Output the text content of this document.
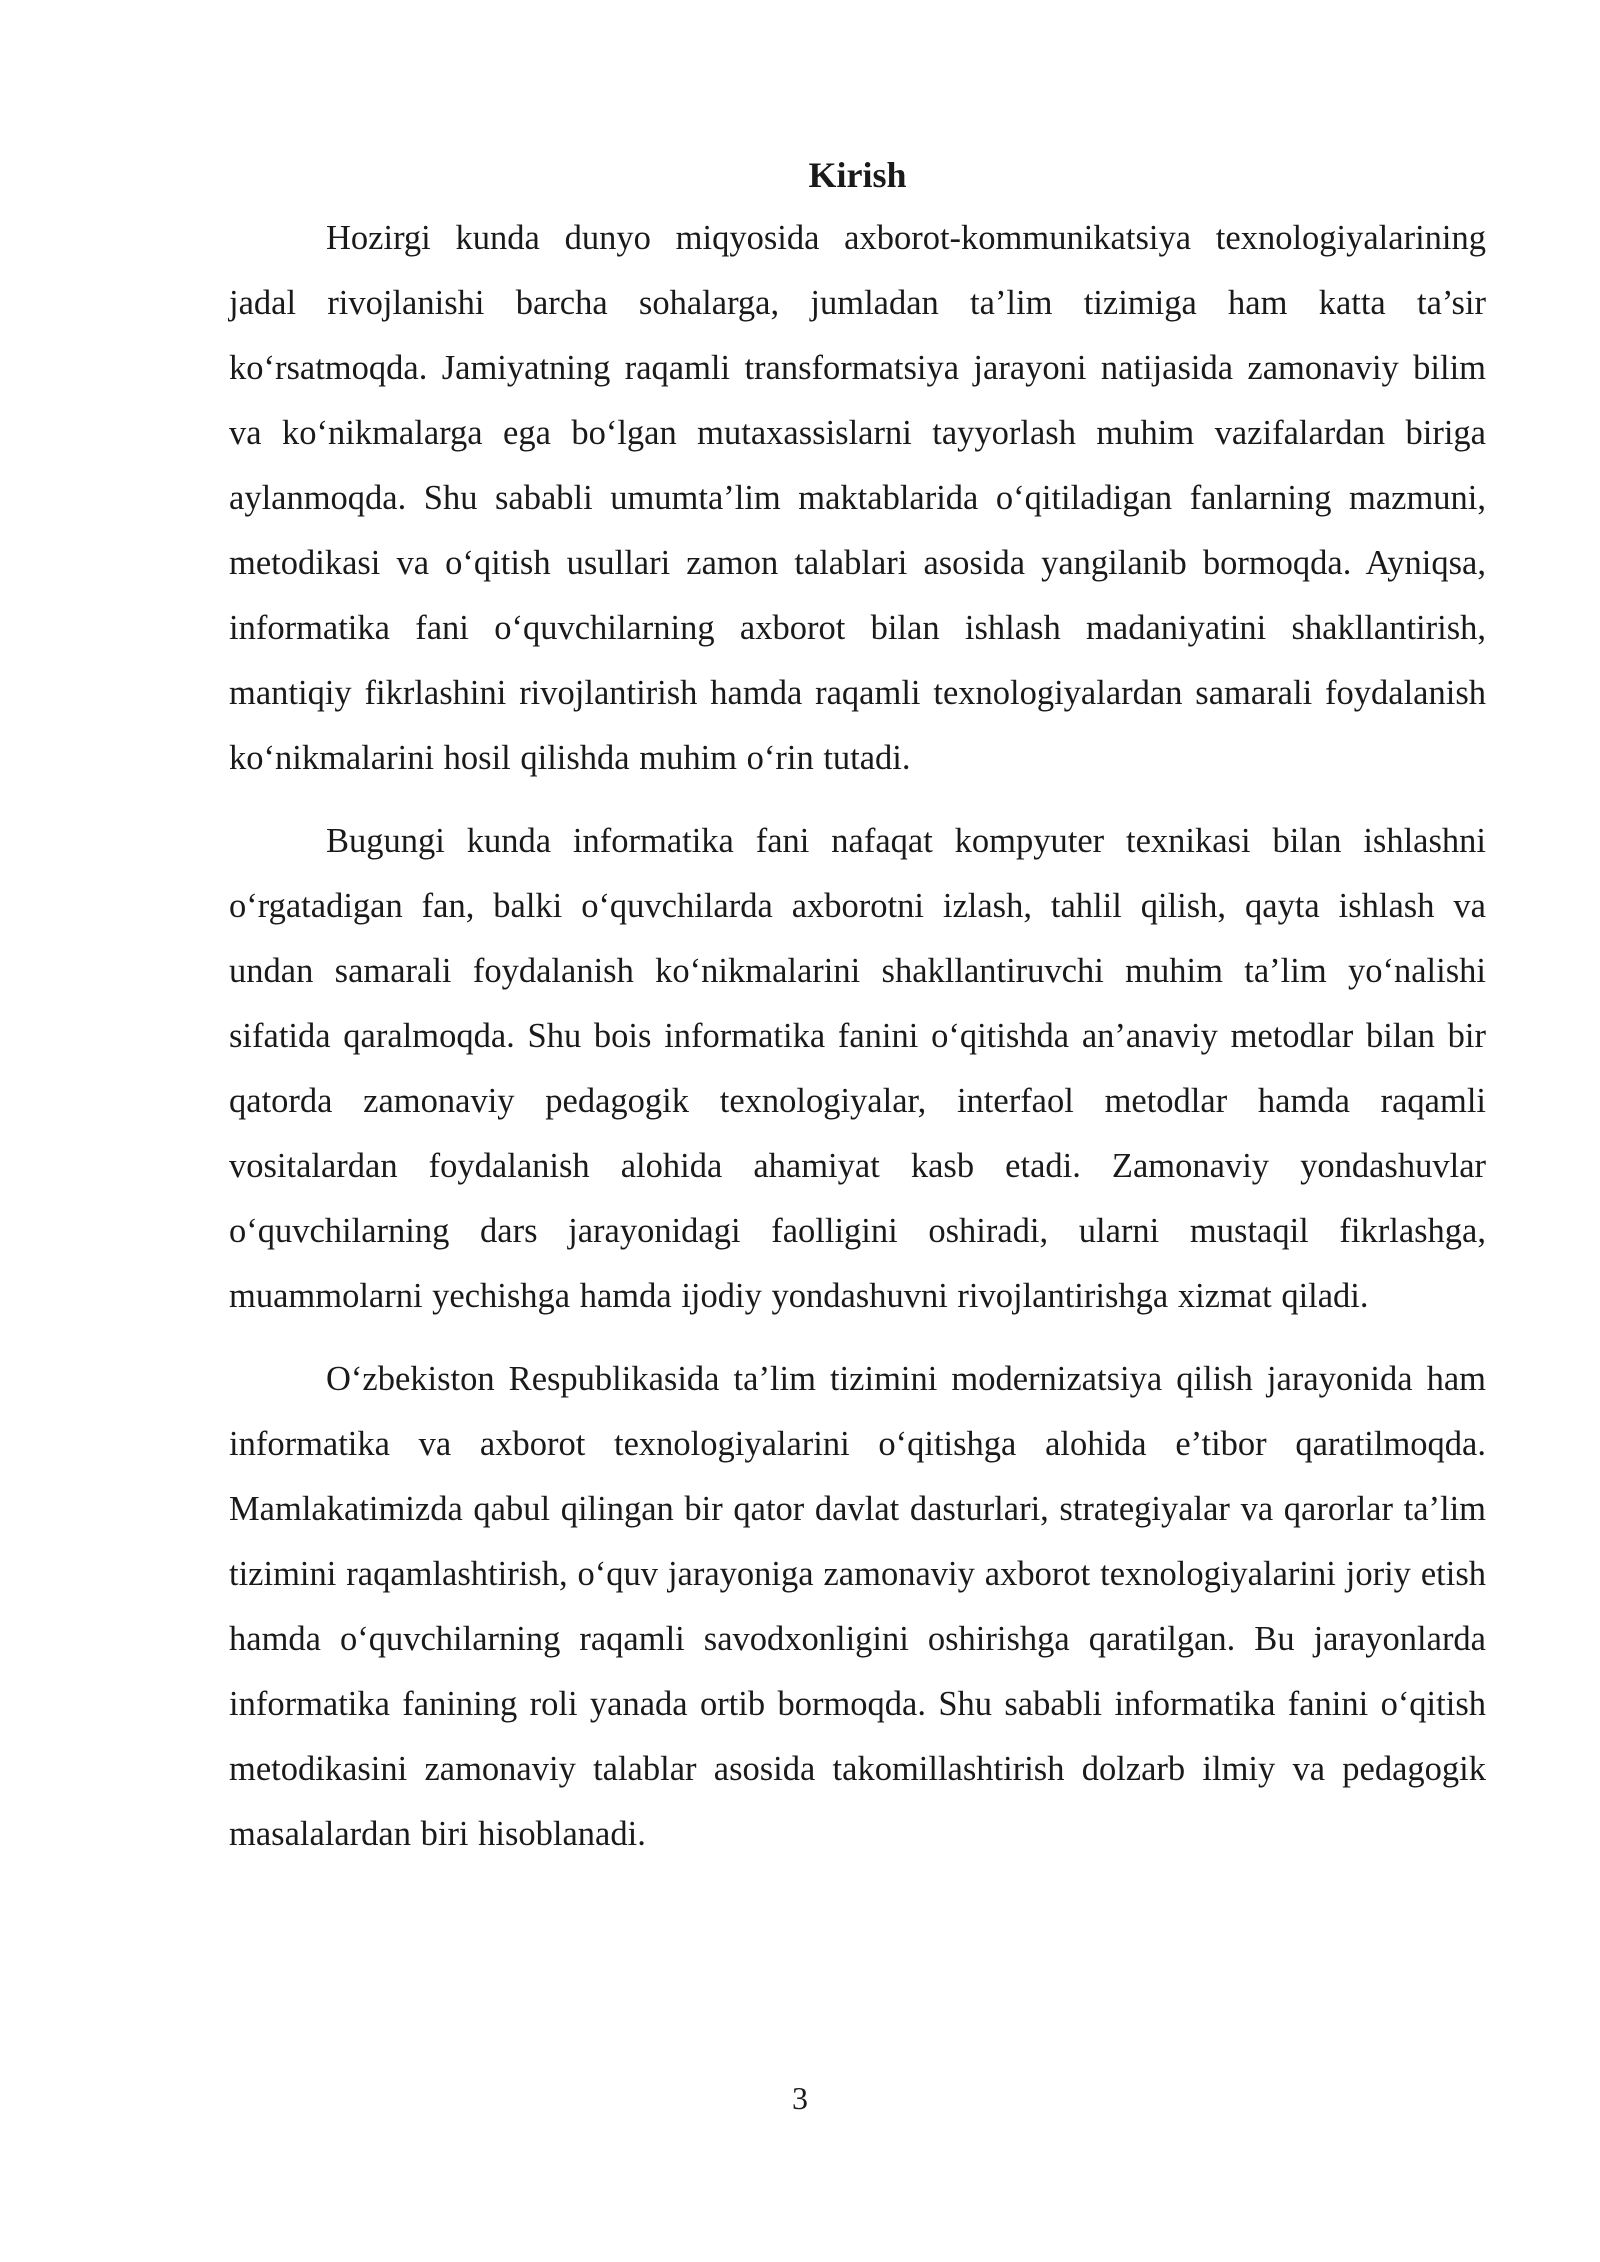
Kirish

Hozirgi kunda dunyo miqyosida axborot-kommunikatsiya texnologiyalarining jadal rivojlanishi barcha sohalarga, jumladan ta’lim tizimiga ham katta ta’sir ko‘rsatmoqda. Jamiyatning raqamli transformatsiya jarayoni natijasida zamonaviy bilim va ko‘nikmalarga ega bo‘lgan mutaxassislarni tayyorlash muhim vazifalardan biriga aylanmoqda. Shu sababli umumta’lim maktablarida o‘qitiladigan fanlarning mazmuni, metodikasi va o‘qitish usullari zamon talablari asosida yangilanib bormoqda. Ayniqsa, informatika fani o‘quvchilarning axborot bilan ishlash madaniyatini shakllantirish, mantiqiy fikrlashini rivojlantirish hamda raqamli texnologiyalardan samarali foydalanish ko‘nikmalarini hosil qilishda muhim o‘rin tutadi.

Bugungi kunda informatika fani nafaqat kompyuter texnikasi bilan ishlashni o‘rgatadigan fan, balki o‘quvchilarda axborotni izlash, tahlil qilish, qayta ishlash va undan samarali foydalanish ko‘nikmalarini shakllantiruvchi muhim ta’lim yo‘nalishi sifatida qaralmoqda. Shu bois informatika fanini o‘qitishda an’anaviy metodlar bilan bir qatorda zamonaviy pedagogik texnologiyalar, interfaol metodlar hamda raqamli vositalardan foydalanish alohida ahamiyat kasb etadi. Zamonaviy yondashuvlar o‘quvchilarning dars jarayonidagi faolligini oshiradi, ularni mustaqil fikrlashga, muammolarni yechishga hamda ijodiy yondashuvni rivojlantirishga xizmat qiladi.

O‘zbekiston Respublikasida ta’lim tizimini modernizatsiya qilish jarayonida ham informatika va axborot texnologiyalarini o‘qitishga alohida e’tibor qaratilmoqda. Mamlakatimizda qabul qilingan bir qator davlat dasturlari, strategiyalar va qarorlar ta’lim tizimini raqamlashtirish, o‘quv jarayoniga zamonaviy axborot texnologiyalarini joriy etish hamda o‘quvchilarning raqamli savodxonligini oshirishga qaratilgan. Bu jarayonlarda informatika fanining roli yanada ortib bormoqda. Shu sababli informatika fanini o‘qitish metodikasini zamonaviy talablar asosida takomillashtirish dolzarb ilmiy va pedagogik masalalardan biri hisoblanadi.

3
